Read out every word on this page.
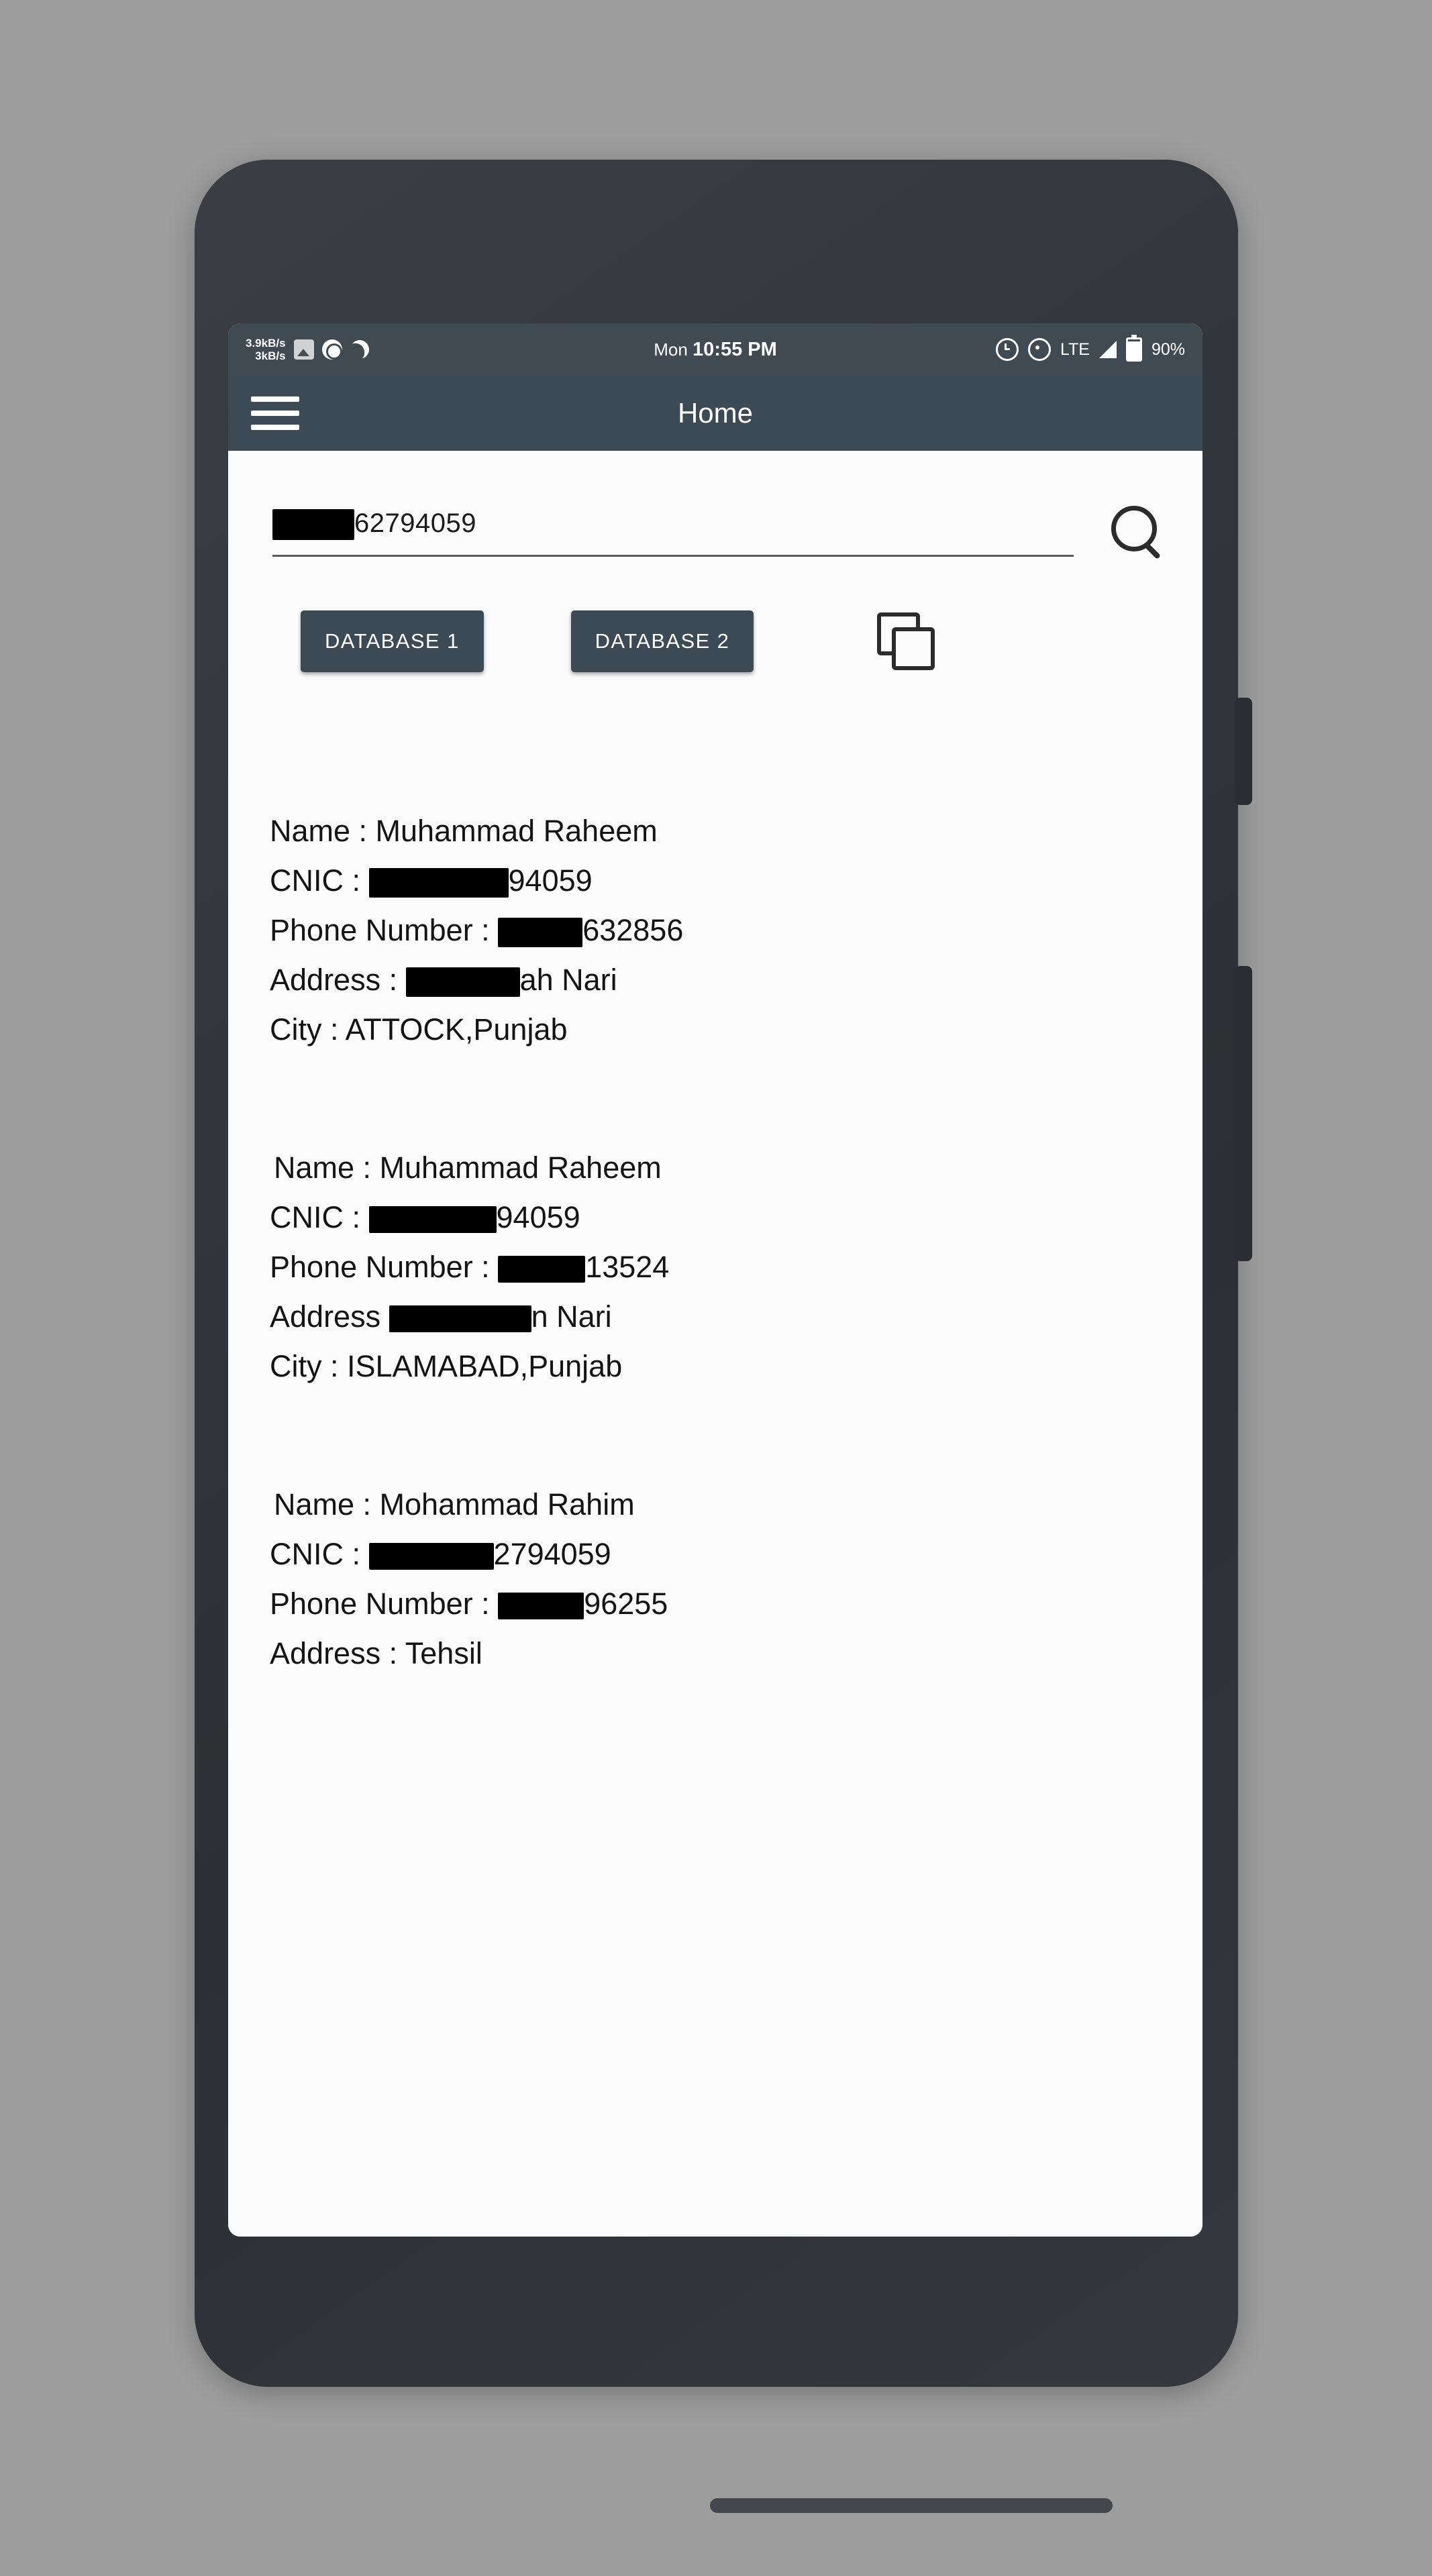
3.9kB/s
3kB/s	Mon 10:55 PM	LTE	90%
Home
62794059
DATABASE 1	DATABASE 2
Name : Muhammad Raheem
CNIC :	94059
Phone Number :	632856
Address :	ah Nari
City : ATTOCK,Punjab
Name : Muhammad Raheem
CNIC :	94059
Phone Number :	13524
Address	n Nari
City : ISLAMABAD,Punjab
Name : Mohammad Rahim
CNIC :	2794059
Phone Number :	96255
Address : Tehsil
